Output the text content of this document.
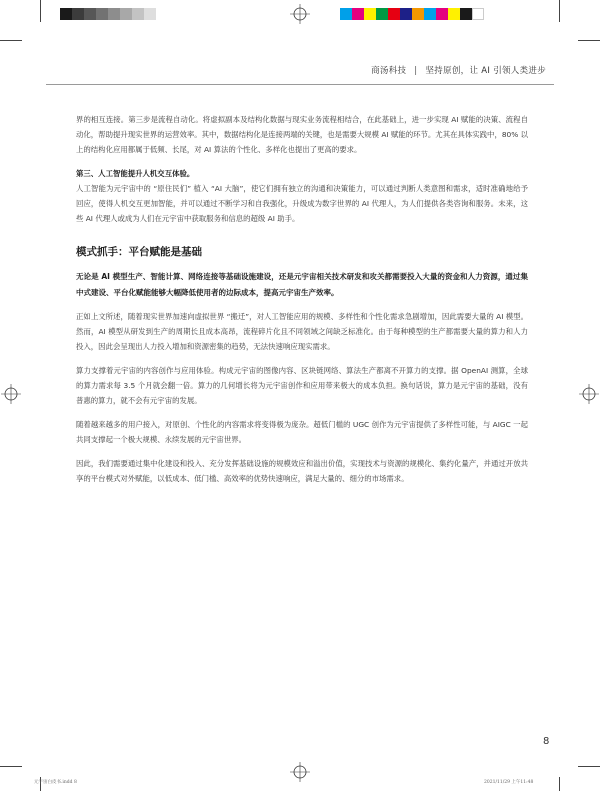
商汤科技 | 坚持原创，让 AI 引领人类进步

界的相互连接。第三步是流程自动化。将虚拟副本及结构化数据与现实业务流程相结合，在此基础上，进一步实现 AI 赋能的决策、流程自动化，帮助提升现实世界的运营效率。其中，数据结构化是连接两端的关键，也是需要大规模 AI 赋能的环节。尤其在具体实践中，80% 以上的结构化应用都属于低频、长尾，对 AI 算法的个性化、多样化也提出了更高的要求。

第三、人工智能提升人机交互体验。

人工智能为元宇宙中的 “原住民们” 植入 “AI 大脑”，使它们拥有独立的沟通和决策能力，可以通过判断人类意图和需求，适时准确地给予回应，使得人机交互更加智能，并可以通过不断学习和自我强化，升级成为数字世界的 AI 代理人，为人们提供各类咨询和服务。未来，这些 AI 代理人或成为人们在元宇宙中获取服务和信息的超级 AI 助手。

模式抓手：平台赋能是基础

无论是 AI 模型生产、智能计算、网络连接等基础设施建设，还是元宇宙相关技术研发和攻关都需要投入大量的资金和人力资源，通过集中式建设、平台化赋能能够大幅降低使用者的边际成本，提高元宇宙生产效率。

正如上文所述，随着现实世界加速向虚拟世界 “搬迁”，对人工智能应用的规模、多样性和个性化需求急剧增加，因此需要大量的 AI 模型。然而，AI 模型从研发到生产的周期长且成本高昂，流程碎片化且不同领域之间缺乏标准化。由于每种模型的生产都需要大量的算力和人力投入，因此会呈现出人力投入增加和资源密集的趋势，无法快速响应现实需求。

算力支撑着元宇宙的内容创作与应用体验。构成元宇宙的图像内容、区块链网络、算法生产都离不开算力的支撑。据 OpenAI 测算，全球的算力需求每 3.5 个月就会翻一倍。算力的几何增长将为元宇宙创作和应用带来极大的成本负担。换句话说，算力是元宇宙的基础，没有普惠的算力，就不会有元宇宙的发展。

随着越来越多的用户接入，对原创、个性化的内容需求将变得极为庞杂。超低门槛的 UGC 创作为元宇宙提供了多样性可能，与 AIGC 一起共同支撑起一个极大规模、永续发展的元宇宙世界。

因此，我们需要通过集中化建设和投入、充分发挥基础设施的规模效应和溢出价值，实现技术与资源的规模化、集约化量产，并通过开放共享的平台模式对外赋能，以低成本、低门槛、高效率的优势快速响应，满足大量的、细分的市场需求。

8
元宇宙白皮书.indd 8	2021/11/29 上午11:48
